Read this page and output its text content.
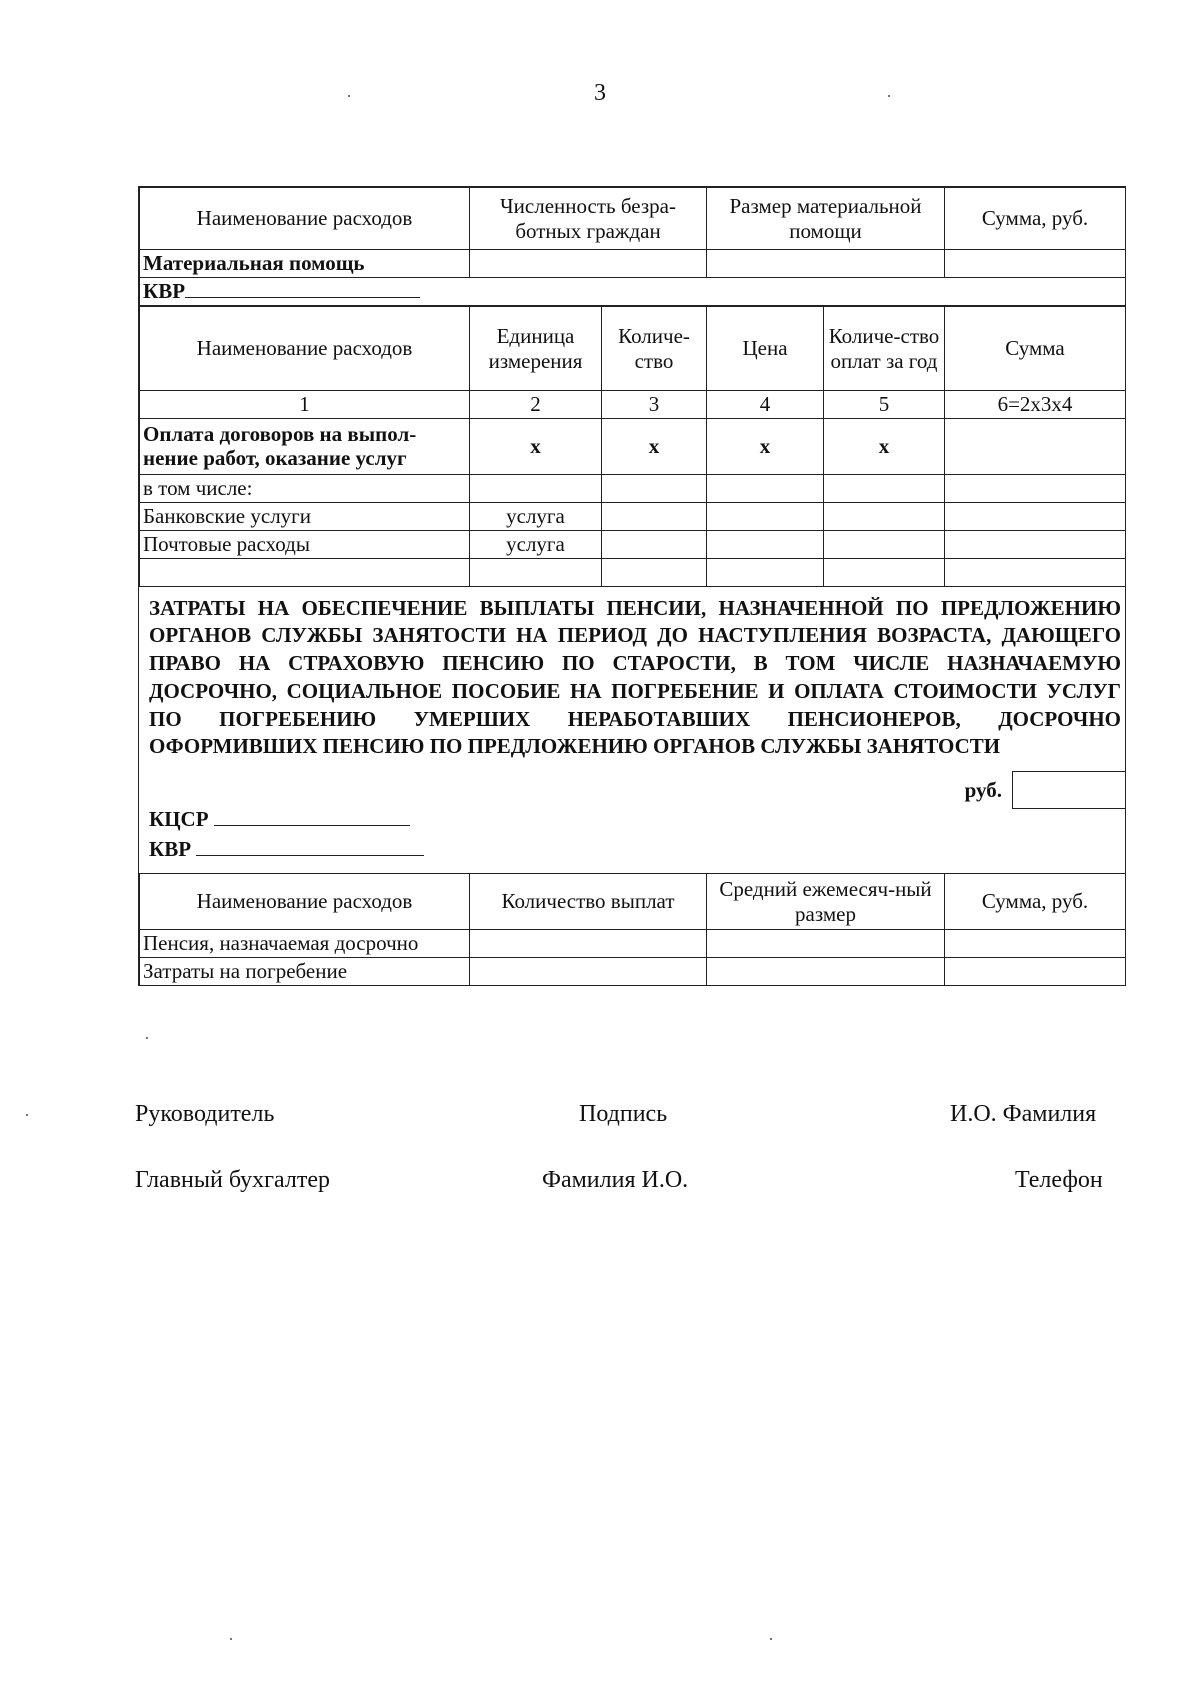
3
Наименование расходов	Численность безра-ботных граждан	Размер материальной помощи	Сумма, руб.
Материальная помощь			
КВР			
Наименование расходов	Единица измерения	Количе-ство	Цена	Количе-ство оплат за год	Сумма
1	2	3	4	5	6=2х3х4
Оплата договоров на выпол-нение работ, оказание услуг	х	х	х	х	
в том числе:					
Банковские услуги	услуга				
Почтовые расходы	услуга				

ЗАТРАТЫ НА ОБЕСПЕЧЕНИЕ ВЫПЛАТЫ ПЕНСИИ, НАЗНАЧЕННОЙ ПО ПРЕДЛОЖЕНИЮ ОРГАНОВ СЛУЖБЫ ЗАНЯТОСТИ НА ПЕРИОД ДО НАСТУПЛЕНИЯ ВОЗРАСТА, ДАЮЩЕГО ПРАВО НА СТРАХОВУЮ ПЕНСИЮ ПО СТАРОСТИ, В ТОМ ЧИСЛЕ НАЗНАЧАЕМУЮ ДОСРОЧНО, СОЦИАЛЬНОЕ ПОСОБИЕ НА ПОГРЕБЕНИЕ И ОПЛАТА СТОИМОСТИ УСЛУГ ПО ПОГРЕБЕНИЮ УМЕРШИХ НЕРАБОТАВШИХ ПЕНСИОНЕРОВ, ДОСРОЧНО ОФОРМИВШИХ ПЕНСИЮ ПО ПРЕДЛОЖЕНИЮ ОРГАНОВ СЛУЖБЫ ЗАНЯТОСТИ
КЦСР
КВР
руб.
Наименование расходов	Количество выплат	Средний ежемесяч-ный размер	Сумма, руб.
Пенсия, назначаемая досрочно			
Затраты на погребение			
Руководитель	Подпись	И.О. Фамилия
Главный бухгалтер	Фамилия И.О.	Телефон
